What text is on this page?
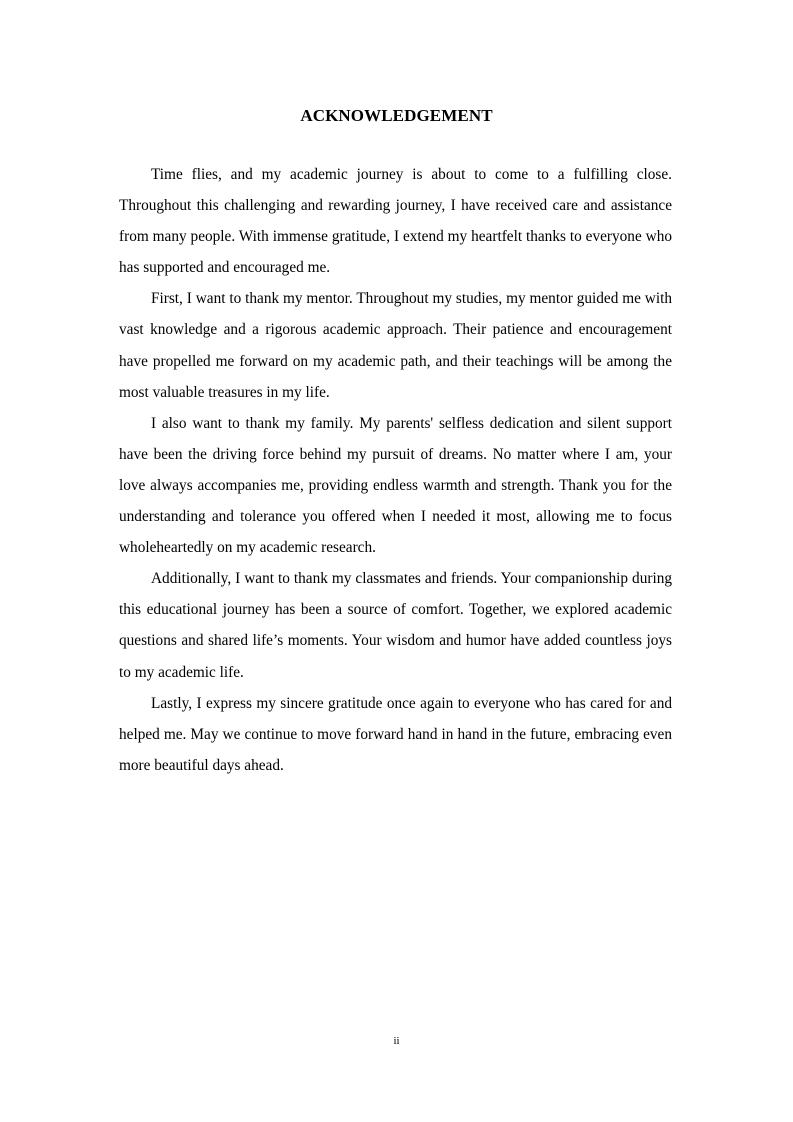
ACKNOWLEDGEMENT

Time flies, and my academic journey is about to come to a fulfilling close. Throughout this challenging and rewarding journey, I have received care and assistance from many people. With immense gratitude, I extend my heartfelt thanks to everyone who has supported and encouraged me.

First, I want to thank my mentor. Throughout my studies, my mentor guided me with vast knowledge and a rigorous academic approach. Their patience and encouragement have propelled me forward on my academic path, and their teachings will be among the most valuable treasures in my life.

I also want to thank my family. My parents' selfless dedication and silent support have been the driving force behind my pursuit of dreams. No matter where I am, your love always accompanies me, providing endless warmth and strength. Thank you for the understanding and tolerance you offered when I needed it most, allowing me to focus wholeheartedly on my academic research.

Additionally, I want to thank my classmates and friends. Your companionship during this educational journey has been a source of comfort. Together, we explored academic questions and shared life’s moments. Your wisdom and humor have added countless joys to my academic life.

Lastly, I express my sincere gratitude once again to everyone who has cared for and helped me. May we continue to move forward hand in hand in the future, embracing even more beautiful days ahead.

ii
